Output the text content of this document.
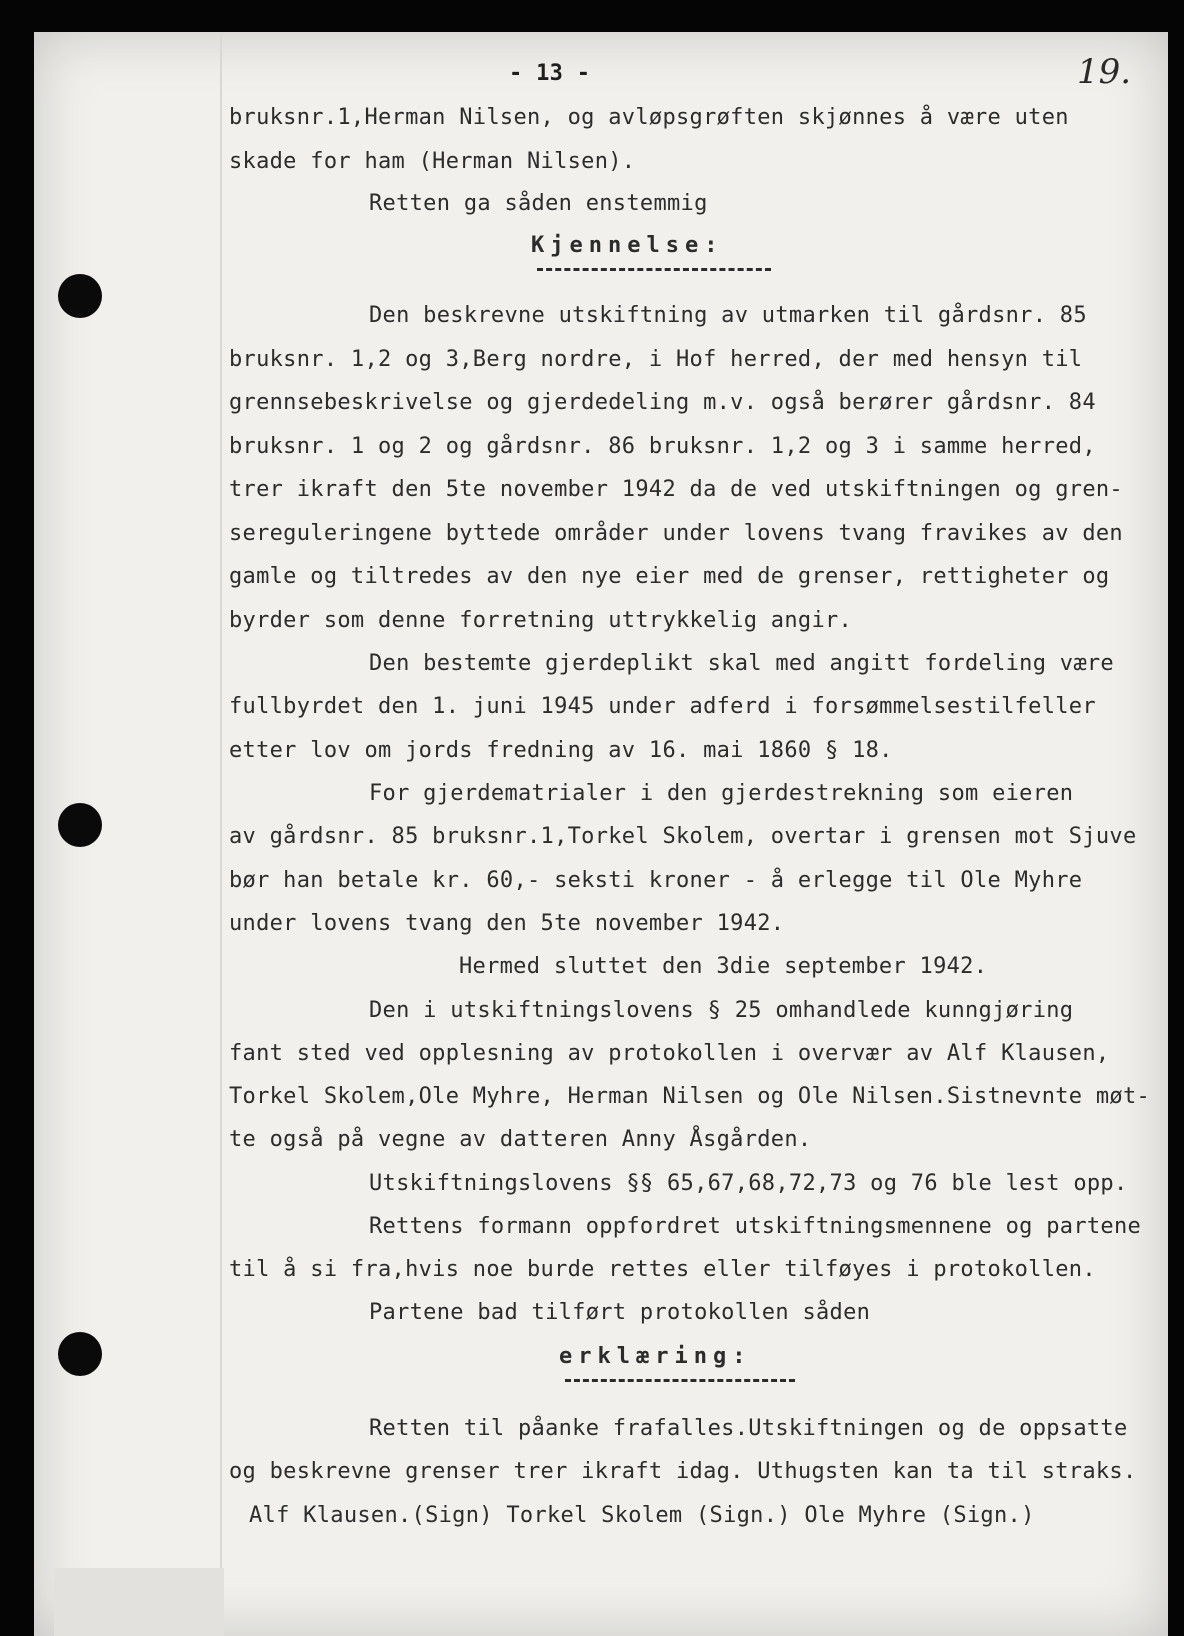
19.
- 13 -
bruksnr.1,Herman Nilsen, og avløpsgrøften skjønnes å være uten
skade for ham (Herman Nilsen).
Retten ga såden enstemmig
Kjennelse:
Den beskrevne utskiftning av utmarken til gårdsnr. 85
bruksnr. 1,2 og 3,Berg nordre, i Hof herred, der med hensyn til
grennsebeskrivelse og gjerdedeling m.v. også berører gårdsnr. 84
bruksnr. 1 og 2 og gårdsnr. 86 bruksnr. 1,2 og 3 i samme herred,
trer ikraft den 5te november 1942 da de ved utskiftningen og gren-
sereguleringene byttede områder under lovens tvang fravikes av den
gamle og tiltredes av den nye eier med de grenser, rettigheter og
byrder som denne forretning uttrykkelig angir.
Den bestemte gjerdeplikt skal med angitt fordeling være
fullbyrdet den 1. juni 1945 under adferd i forsømmelsestilfeller
etter lov om jords fredning av 16. mai 1860 § 18.
For gjerdematrialer i den gjerdestrekning som eieren
av gårdsnr. 85 bruksnr.1,Torkel Skolem, overtar i grensen mot Sjuve
bør han betale kr. 60,- seksti kroner - å erlegge til Ole Myhre
under lovens tvang den 5te november 1942.
Hermed sluttet den 3die september 1942.
Den i utskiftningslovens § 25 omhandlede kunngjøring
fant sted ved opplesning av protokollen i overvær av Alf Klausen,
Torkel Skolem,Ole Myhre, Herman Nilsen og Ole Nilsen.Sistnevnte møt-
te også på vegne av datteren Anny Åsgården.
Utskiftningslovens §§ 65,67,68,72,73 og 76 ble lest opp.
Rettens formann oppfordret utskiftningsmennene og partene
til å si fra,hvis noe burde rettes eller tilføyes i protokollen.
Partene bad tilført protokollen såden
erklæring:
Retten til påanke frafalles.Utskiftningen og de oppsatte
og beskrevne grenser trer ikraft idag. Uthugsten kan ta til straks.
Alf Klausen.(Sign) Torkel Skolem (Sign.) Ole Myhre (Sign.)
